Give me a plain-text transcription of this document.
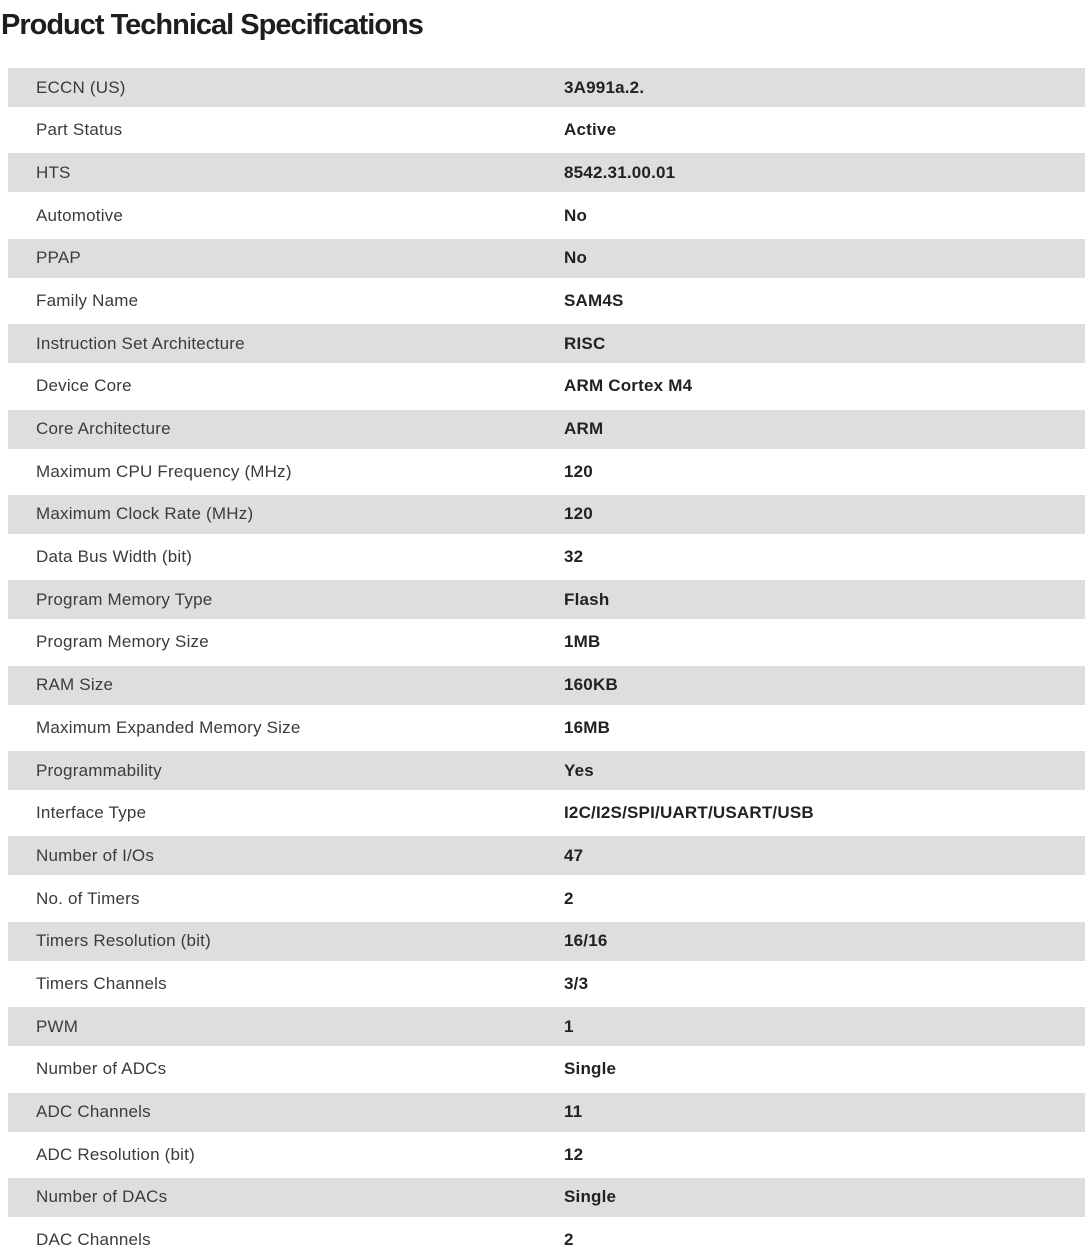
Product Technical Specifications
ECCN (US)	3A991a.2.
Part Status	Active
HTS	8542.31.00.01
Automotive	No
PPAP	No
Family Name	SAM4S
Instruction Set Architecture	RISC
Device Core	ARM Cortex M4
Core Architecture	ARM
Maximum CPU Frequency (MHz)	120
Maximum Clock Rate (MHz)	120
Data Bus Width (bit)	32
Program Memory Type	Flash
Program Memory Size	1MB
RAM Size	160KB
Maximum Expanded Memory Size	16MB
Programmability	Yes
Interface Type	I2C/I2S/SPI/UART/USART/USB
Number of I/Os	47
No. of Timers	2
Timers Resolution (bit)	16/16
Timers Channels	3/3
PWM	1
Number of ADCs	Single
ADC Channels	11
ADC Resolution (bit)	12
Number of DACs	Single
DAC Channels	2
